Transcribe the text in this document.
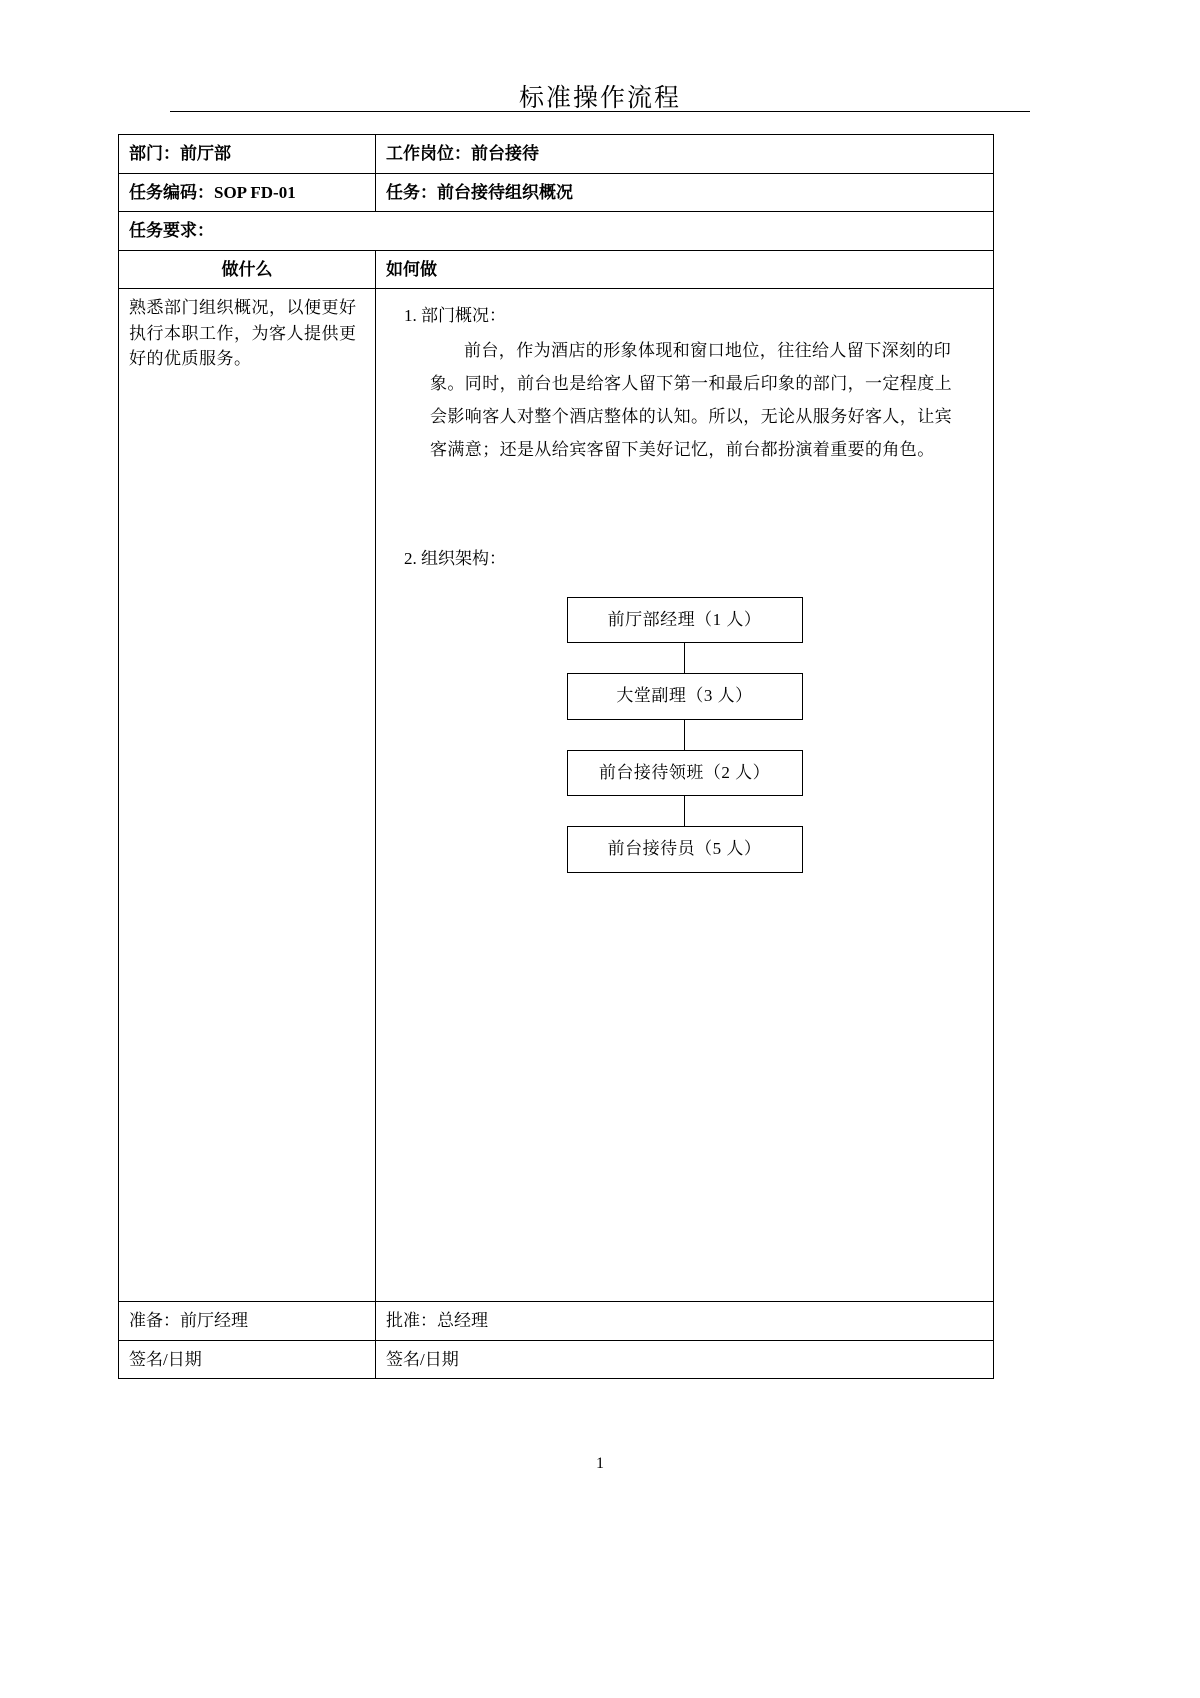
标准操作流程
部门：前厅部	工作岗位：前台接待
任务编码：SOP FD-01	任务：前台接待组织概况
任务要求：	
做什么	如何做
熟悉部门组织概况，以便更好执行本职工作，为客人提供更好的优质服务。	
1. 部门概况：
前台，作为酒店的形象体现和窗口地位，往往给人留下深刻的印象。同时，前台也是给客人留下第一和最后印象的部门，一定程度上会影响客人对整个酒店整体的认知。所以，无论从服务好客人，让宾客满意；还是从给宾客留下美好记忆，前台都扮演着重要的角色。
2. 组织架构：
前厅部经理（1 人）
大堂副理（3 人）
前台接待领班（2 人）
前台接待员（5 人）

准备：前厅经理	批准：总经理
签名/日期	签名/日期
1
